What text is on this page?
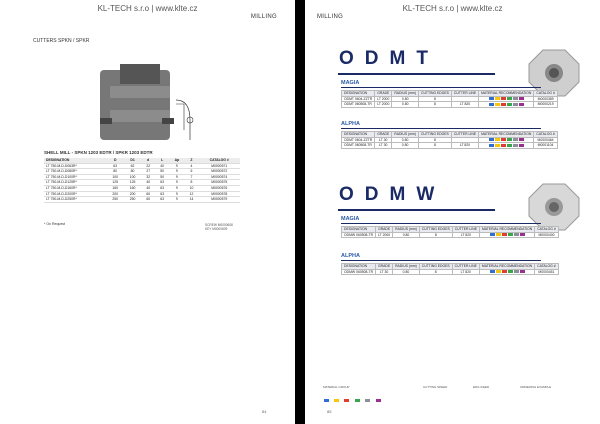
KL-TECH s.r.o | www.klte.cz
MILLING
CUTTERS SPKN / SPKR
SHELL MILL - SPKN 1203 EDTR / SPKR 1203 EDTR
DESIGNATION	D	D1	d	L	Ap	Z	CATALOG #
LT 750-M-D-D063R*	63	62	22	40	9	4	M0000571
LT 750-M-D-D080R*	80	80	27	50	9	6	M0000572
LT 750-M-D-D100R*	100	100	32	50	9	7	M0000574
LT 750-M-D-D125R*	125	125	40	63	9	8	M0000575
LT 750-M-D-D160R*	160	160	40	63	9	10	M0000576
LT 750-M-D-D200R*	200	200	60	63	9	12	M0000578
LT 750-M-D-D250R*	250	250	60	63	9	14	M0000579
* On Request	SCREW M0000608
KEY M0000609
84
KL-TECH s.r.o | www.klte.cz
MILLING
ODMT
MAGIA
DESIGNATION	GRADE	RADIUS (mm)	CUTTING EDGES	CUTTER LINE	MATERIAL RECOMMENDATION	CATALOG #
ODMT 0604-ZZTR	LT 2000	0.80	8			M0000389
ODMT 060508-TR	LT 2000	0.80	8	LT 820		M0000219
ALPHA
DESIGNATION	GRADE	RADIUS (mm)	CUTTING EDGES	CUTTER LINE	MATERIAL RECOMMENDATION	CATALOG #
ODMT 0604-ZZTR	LT 30	0.80	8			M0000464
ODMT 060508-TR	LT 30	0.80	8	LT 820		M0001104
ODMW
MAGIA
DESIGNATION	GRADE	RADIUS (mm)	CUTTING EDGES	CUTTER LINE	MATERIAL RECOMMENDATION	CATALOG #
ODMW 060508-TR	LT 2000	0.80	8	LT 820		M0000400
ALPHA
DESIGNATION	GRADE	RADIUS (mm)	CUTTING EDGES	CUTTER LINE	MATERIAL RECOMMENDATION	CATALOG #
ODMW 060508-TR	LT 30	0.80	8	LT 820		M0000451
MATERIAL GROUP	CUTTING SPEED	EDG./FEED	ORDERING EXAMPLE

85
